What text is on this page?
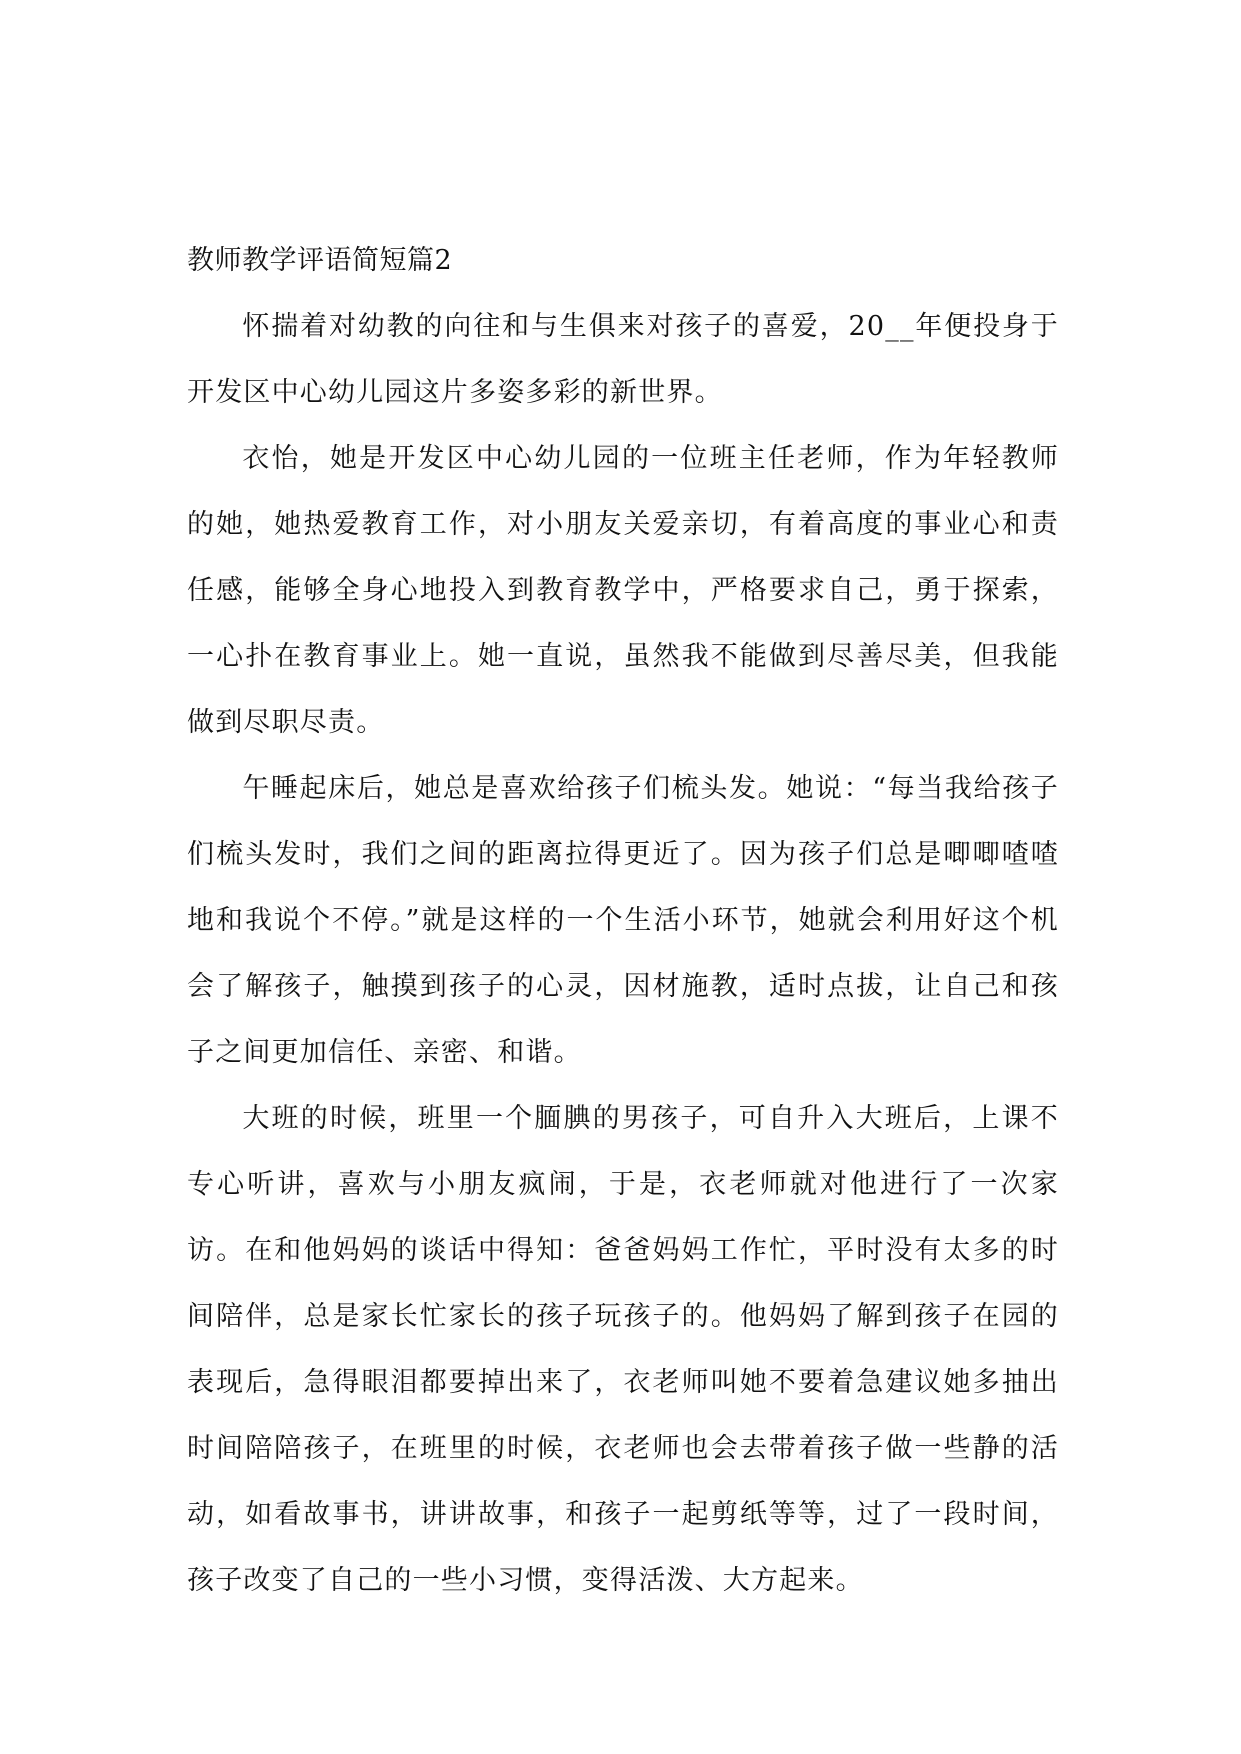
教师教学评语简短篇2

怀揣着对幼教的向往和与生俱来对孩子的喜爱，20__年便投身于开发区中心幼儿园这片多姿多彩的新世界。

衣怡，她是开发区中心幼儿园的一位班主任老师，作为年轻教师的她，她热爱教育工作，对小朋友关爱亲切，有着高度的事业心和责任感，能够全身心地投入到教育教学中，严格要求自己，勇于探索，一心扑在教育事业上。她一直说，虽然我不能做到尽善尽美，但我能做到尽职尽责。

午睡起床后，她总是喜欢给孩子们梳头发。她说：“每当我给孩子们梳头发时，我们之间的距离拉得更近了。因为孩子们总是唧唧喳喳地和我说个不停。”就是这样的一个生活小环节，她就会利用好这个机会了解孩子，触摸到孩子的心灵，因材施教，适时点拔，让自己和孩子之间更加信任、亲密、和谐。

大班的时候，班里一个腼腆的男孩子，可自升入大班后，上课不专心听讲，喜欢与小朋友疯闹，于是，衣老师就对他进行了一次家访。在和他妈妈的谈话中得知：爸爸妈妈工作忙，平时没有太多的时间陪伴，总是家长忙家长的孩子玩孩子的。他妈妈了解到孩子在园的表现后，急得眼泪都要掉出来了，衣老师叫她不要着急建议她多抽出时间陪陪孩子，在班里的时候，衣老师也会去带着孩子做一些静的活动，如看故事书，讲讲故事，和孩子一起剪纸等等，过了一段时间，孩子改变了自己的一些小习惯，变得活泼、大方起来。
